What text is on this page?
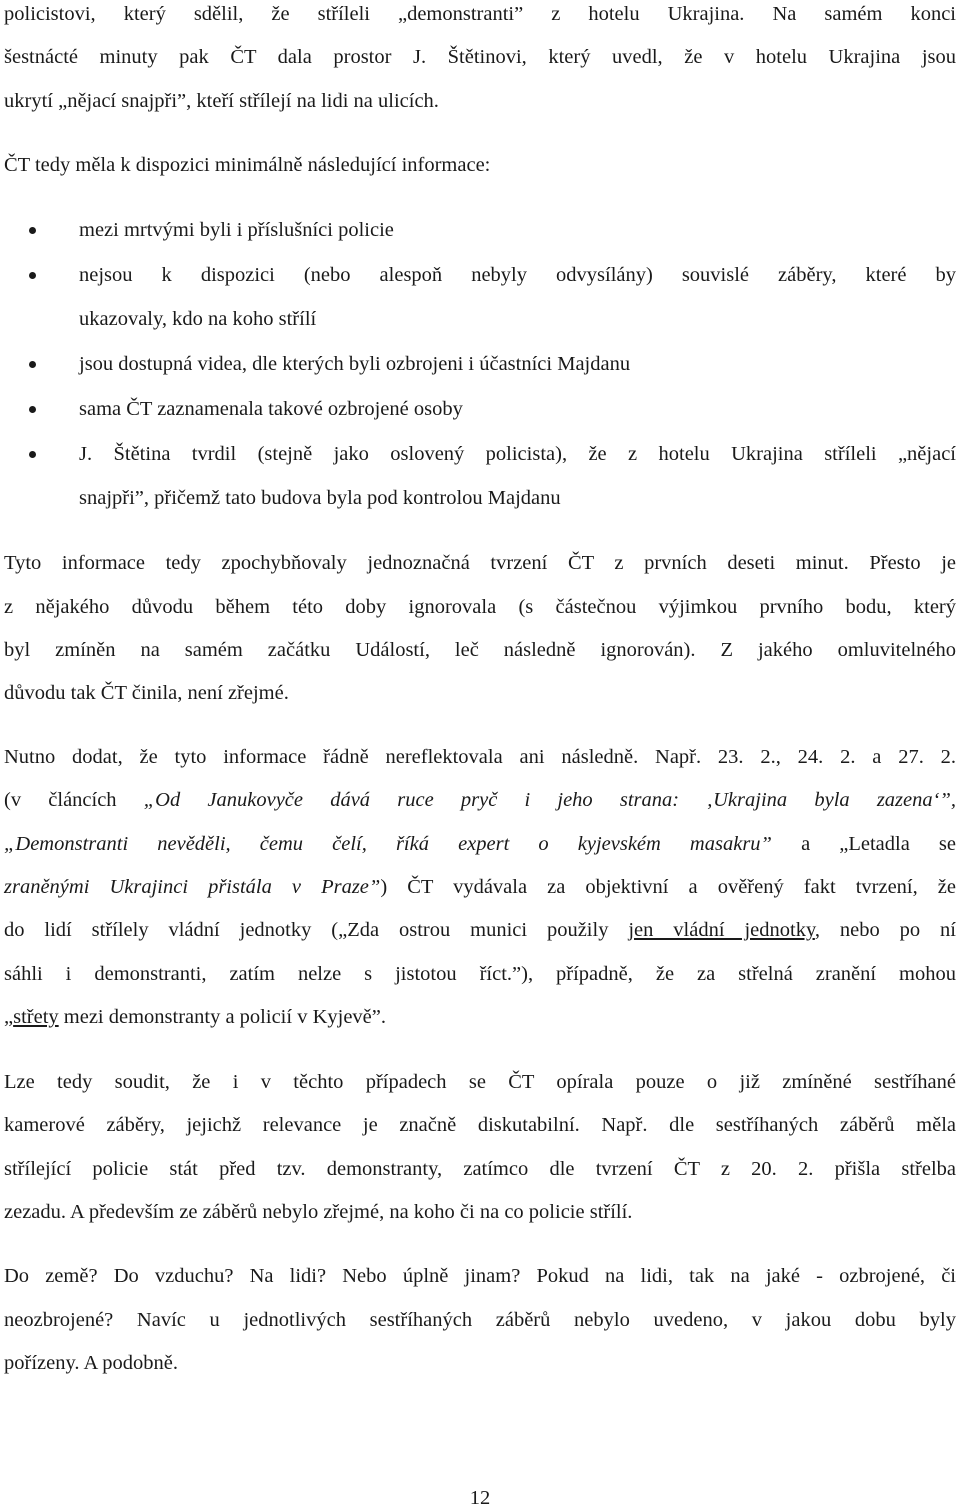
policistovi, který sdělil, že stříleli „demonstranti” z hotelu Ukrajina. Na samém konci
šestnácté minuty pak ČT dala prostor J. Štětinovi, který uvedl, že v hotelu Ukrajina jsou
ukrytí „nějací snajpři”, kteří střílejí na lidi na ulicích.
ČT tedy měla k dispozici minimálně následující informace:
mezi mrtvými byli i příslušníci policie
nejsou k dispozici (nebo alespoň nebyly odvysílány) souvislé záběry, které by
ukazovaly, kdo na koho střílí
jsou dostupná videa, dle kterých byli ozbrojeni i účastníci Majdanu
sama ČT zaznamenala takové ozbrojené osoby
J. Štětina tvrdil (stejně jako oslovený policista), že z hotelu Ukrajina stříleli „nějací
snajpři”, přičemž tato budova byla pod kontrolou Majdanu
Tyto informace tedy zpochybňovaly jednoznačná tvrzení ČT z prvních deseti minut. Přesto je
z nějakého důvodu během této doby ignorovala (s částečnou výjimkou prvního bodu, který
byl zmíněn na samém začátku Událostí, leč následně ignorován). Z jakého omluvitelného
důvodu tak ČT činila, není zřejmé.
Nutno dodat, že tyto informace řádně nereflektovala ani následně. Např. 23. 2., 24. 2. a 27. 2.
(v článcích „Od Janukovyče dává ruce pryč i jeho strana: ‚Ukrajina byla zazena‘”,
„Demonstranti nevěděli, čemu čelí, říká expert o kyjevském masakru” a „Letadla se
zraněnými Ukrajinci přistála v Praze”) ČT vydávala za objektivní a ověřený fakt tvrzení, že
do lidí střílely vládní jednotky („Zda ostrou munici použily jen vládní jednotky, nebo po ní
sáhli i demonstranti, zatím nelze s jistotou říct.”), případně, že za střelná zranění mohou
„střety mezi demonstranty a policií v Kyjevě”.
Lze tedy soudit, že i v těchto případech se ČT opírala pouze o již zmíněné sestříhané
kamerové záběry, jejichž relevance je značně diskutabilní. Např. dle sestříhaných záběrů měla
střílející policie stát před tzv. demonstranty, zatímco dle tvrzení ČT z 20. 2. přišla střelba
zezadu. A především ze záběrů nebylo zřejmé, na koho či na co policie střílí.
Do země? Do vzduchu? Na lidi? Nebo úplně jinam? Pokud na lidi, tak na jaké - ozbrojené, či
neozbrojené? Navíc u jednotlivých sestříhaných záběrů nebylo uvedeno, v jakou dobu byly
pořízeny. A podobně.
12
